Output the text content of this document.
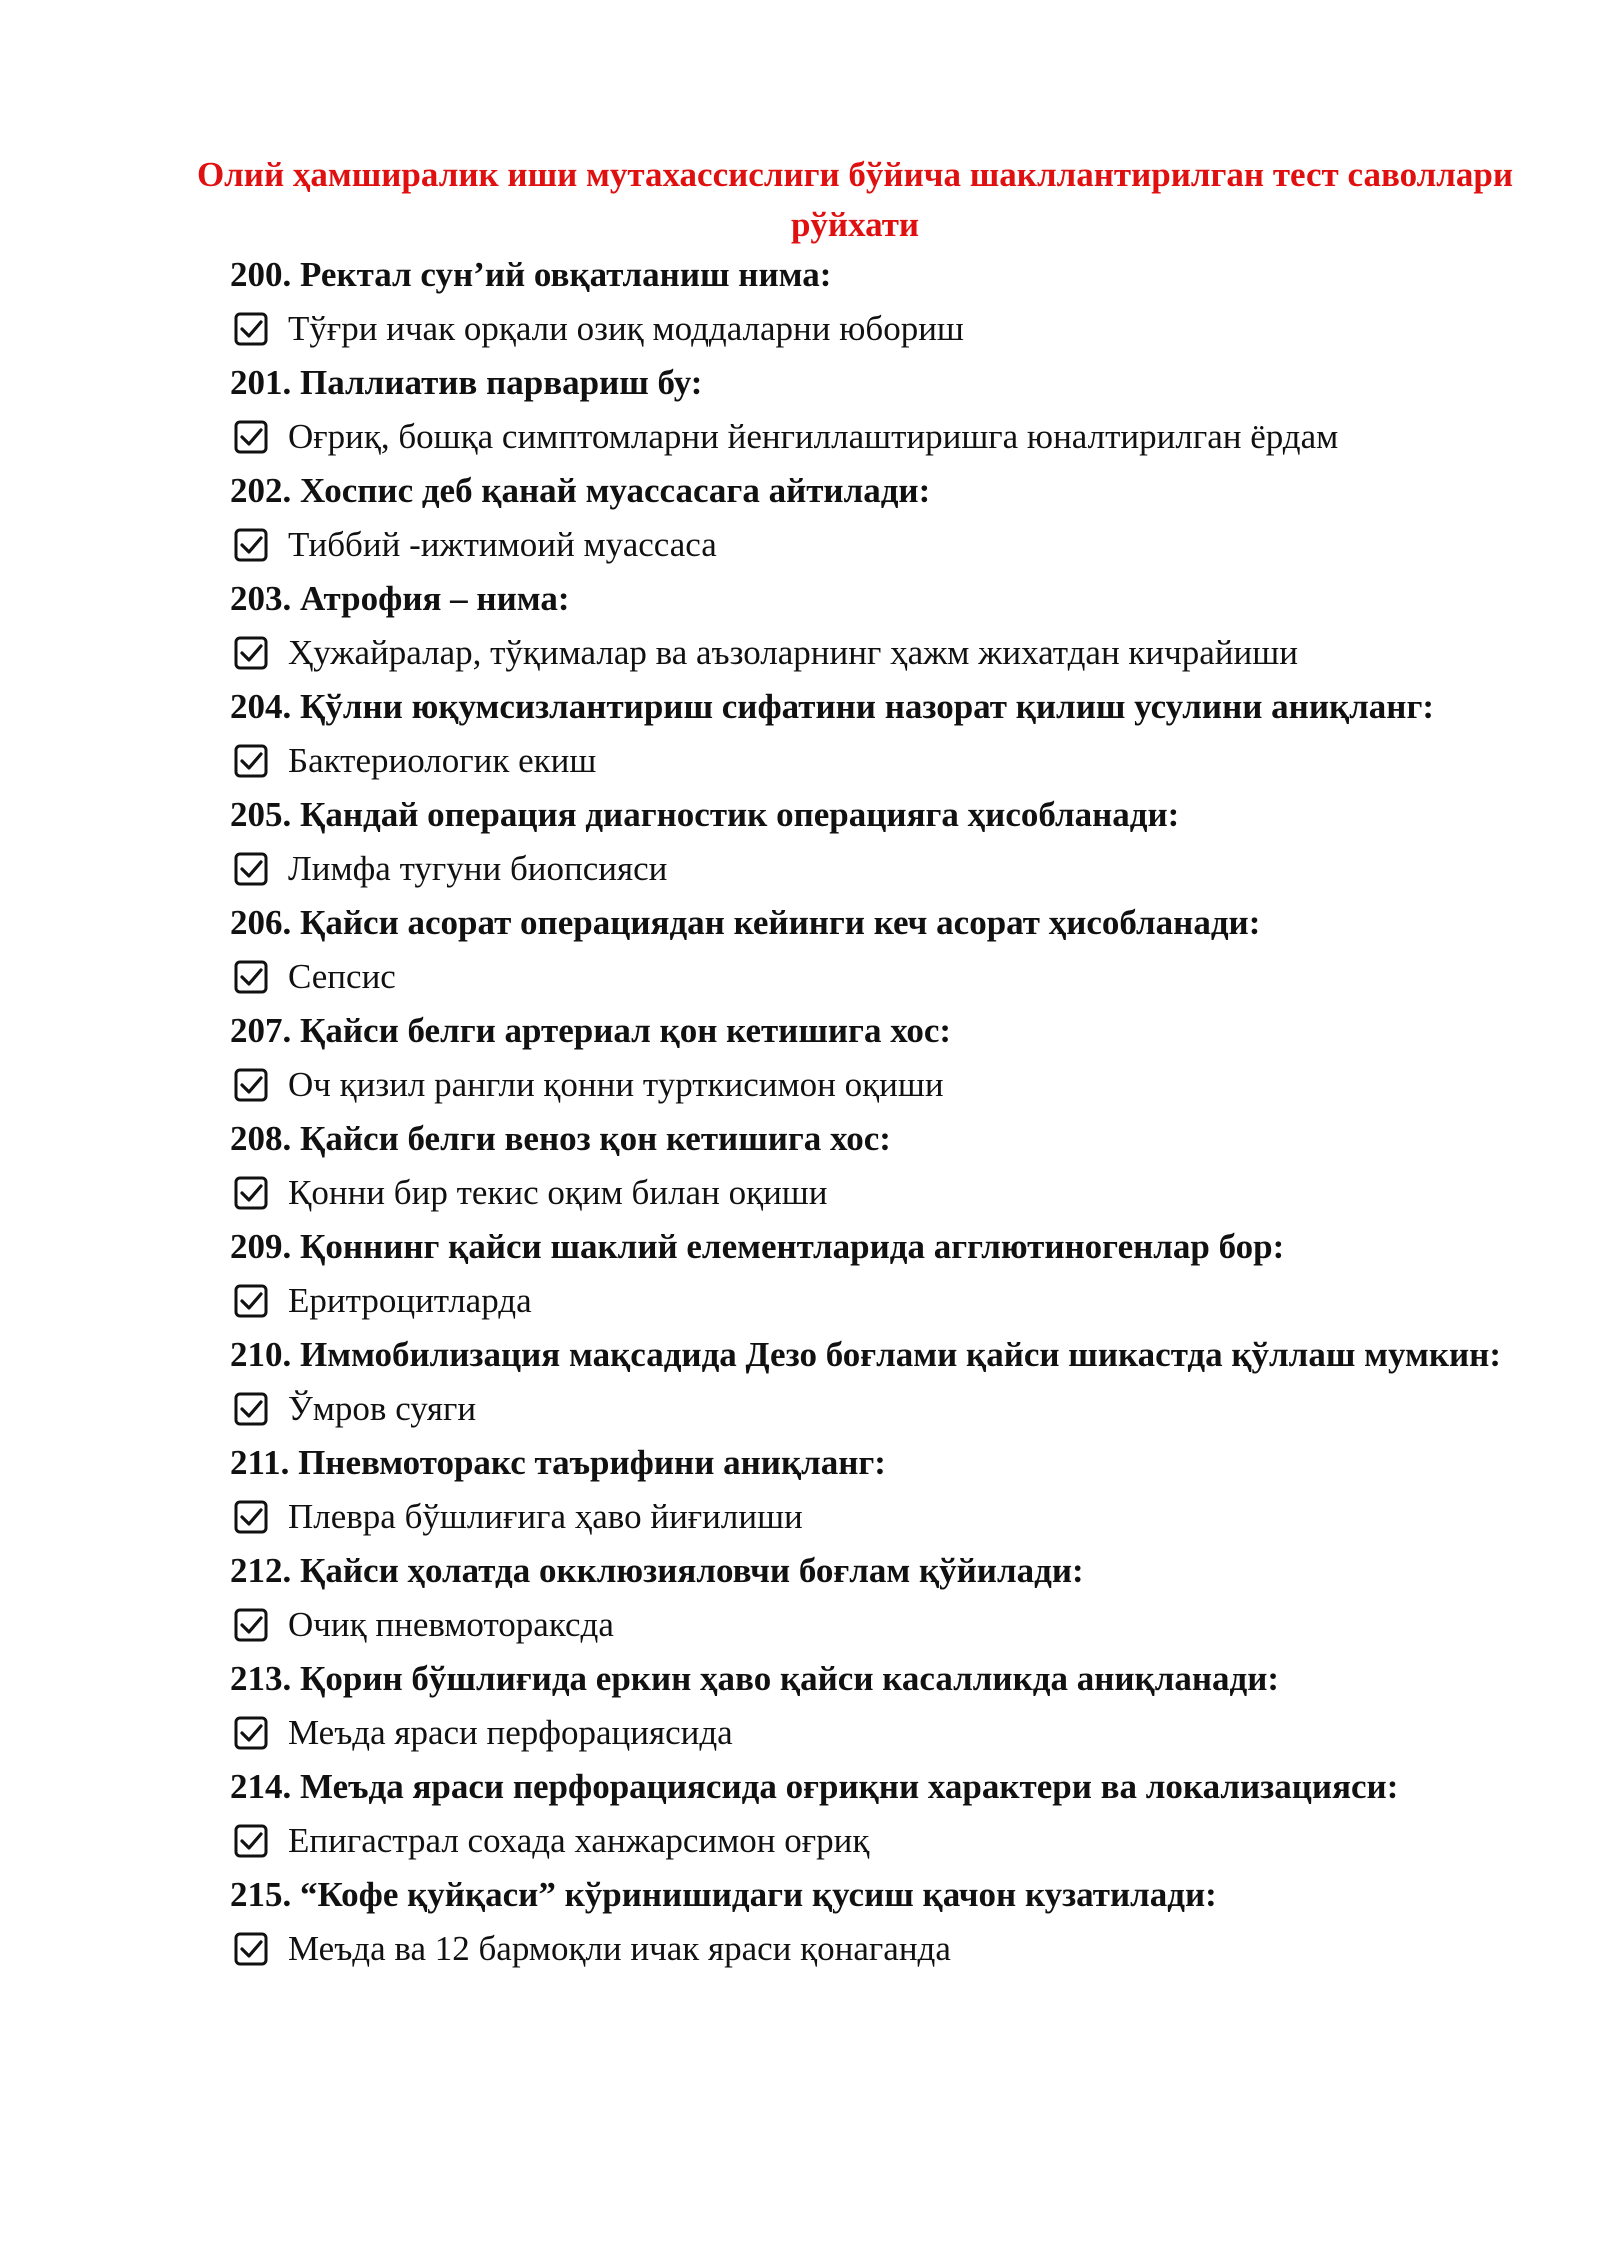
Олий ҳамширалик иши мутахассислиги бўйича шакллантирилган тест саволлари рўйхати

200. Ректал сун’ий овқатланиш нима:

Тўғри ичак орқали озиқ моддаларни юбориш

201. Паллиатив парвариш бу:

Оғриқ, бошқа симптомларни йенгиллаштиришга юналтирилган ёрдам

202. Хоспис деб қанай муассасага айтилади:

Тиббий -ижтимоий муассаса

203. Атрофия – нима:

Ҳужайралар, тўқималар ва аъзоларнинг ҳажм жихатдан кичрайиши

204. Қўлни юқумсизлантириш сифатини назорат қилиш усулини аниқланг:

Бактериологик екиш

205. Қандай операция диагностик операцияга ҳисобланади:

Лимфа тугуни биопсияси

206. Қайси асорат операциядан кейинги кеч асорат ҳисобланади:

Сепсис

207. Қайси белги артериал қон кетишига хос:

Оч қизил рангли қонни турткисимон оқиши

208. Қайси белги веноз қон кетишига хос:

Қонни бир текис оқим билан оқиши

209. Қоннинг қайси шаклий елементларида агглютиногенлар бор:

Еритроцитларда

210. Иммобилизация мақсадида Дезо боғлами қайси шикастда қўллаш мумкин:

Ўмров суяги

211. Пневмоторакс таърифини аниқланг:

Плевра бўшлиғига ҳаво йиғилиши

212. Қайси ҳолатда окклюзияловчи боғлам қўйилади:

Очиқ пневмотораксда

213. Қорин бўшлиғида еркин ҳаво қайси касалликда аниқланади:

Меъда яраси перфорациясида

214. Меъда яраси перфорациясида оғриқни характери ва локализацияси:

Епигастрал сохада ханжарсимон оғриқ

215. “Кофе қуйқаси” кўринишидаги қусиш қачон кузатилади:

Меъда ва 12 бармоқли ичак яраси қонаганда
